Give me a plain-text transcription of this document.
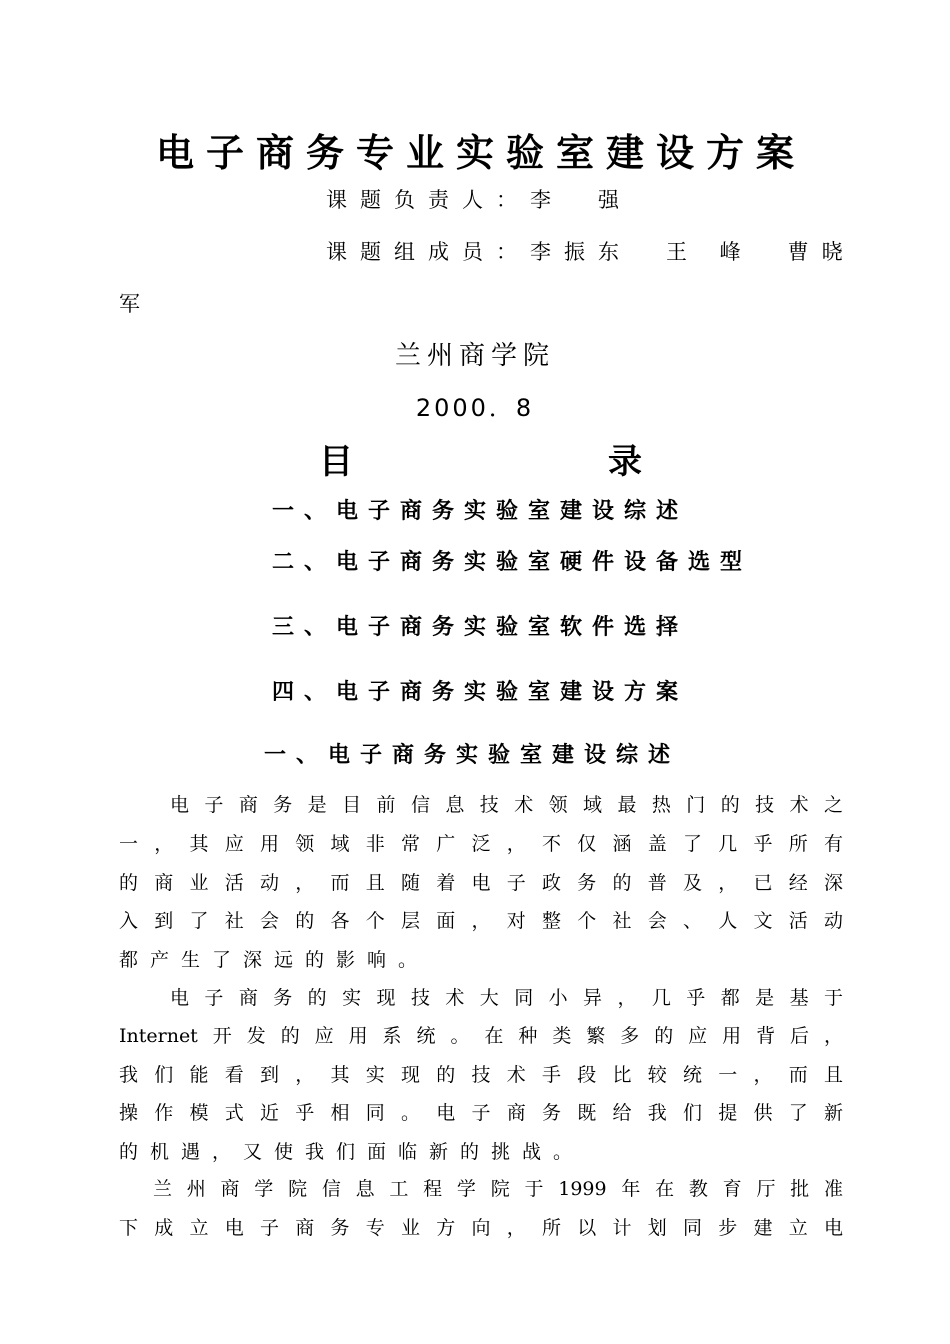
电子商务专业实验室建设方案
课题负责人：李　强
课题组成员：李振东　王 峰　曹晓
军
兰州商学院
2000．8
目	录
一、电子商务实验室建设综述
二、电子商务实验室硬件设备选型
三、电子商务实验室软件选择
四、电子商务实验室建设方案
一、电子商务实验室建设综述
电子商务是目前信息技术领域最热门的技术之
一，其应用领域非常广泛，不仅涵盖了几乎所有
的商业活动，而且随着电子政务的普及，已经深
入到了社会的各个层面，对整个社会、人文活动
都产生了深远的影响。
电子商务的实现技术大同小异，几乎都是基于
Internet开发的应用系统。在种类繁多的应用背后，
我们能看到，其实现的技术手段比较统一，而且
操作模式近乎相同。电子商务既给我们提供了新
的机遇，又使我们面临新的挑战。
兰州商学院信息工程学院于1999年在教育厅批准
下成立电子商务专业方向，所以计划同步建立电
